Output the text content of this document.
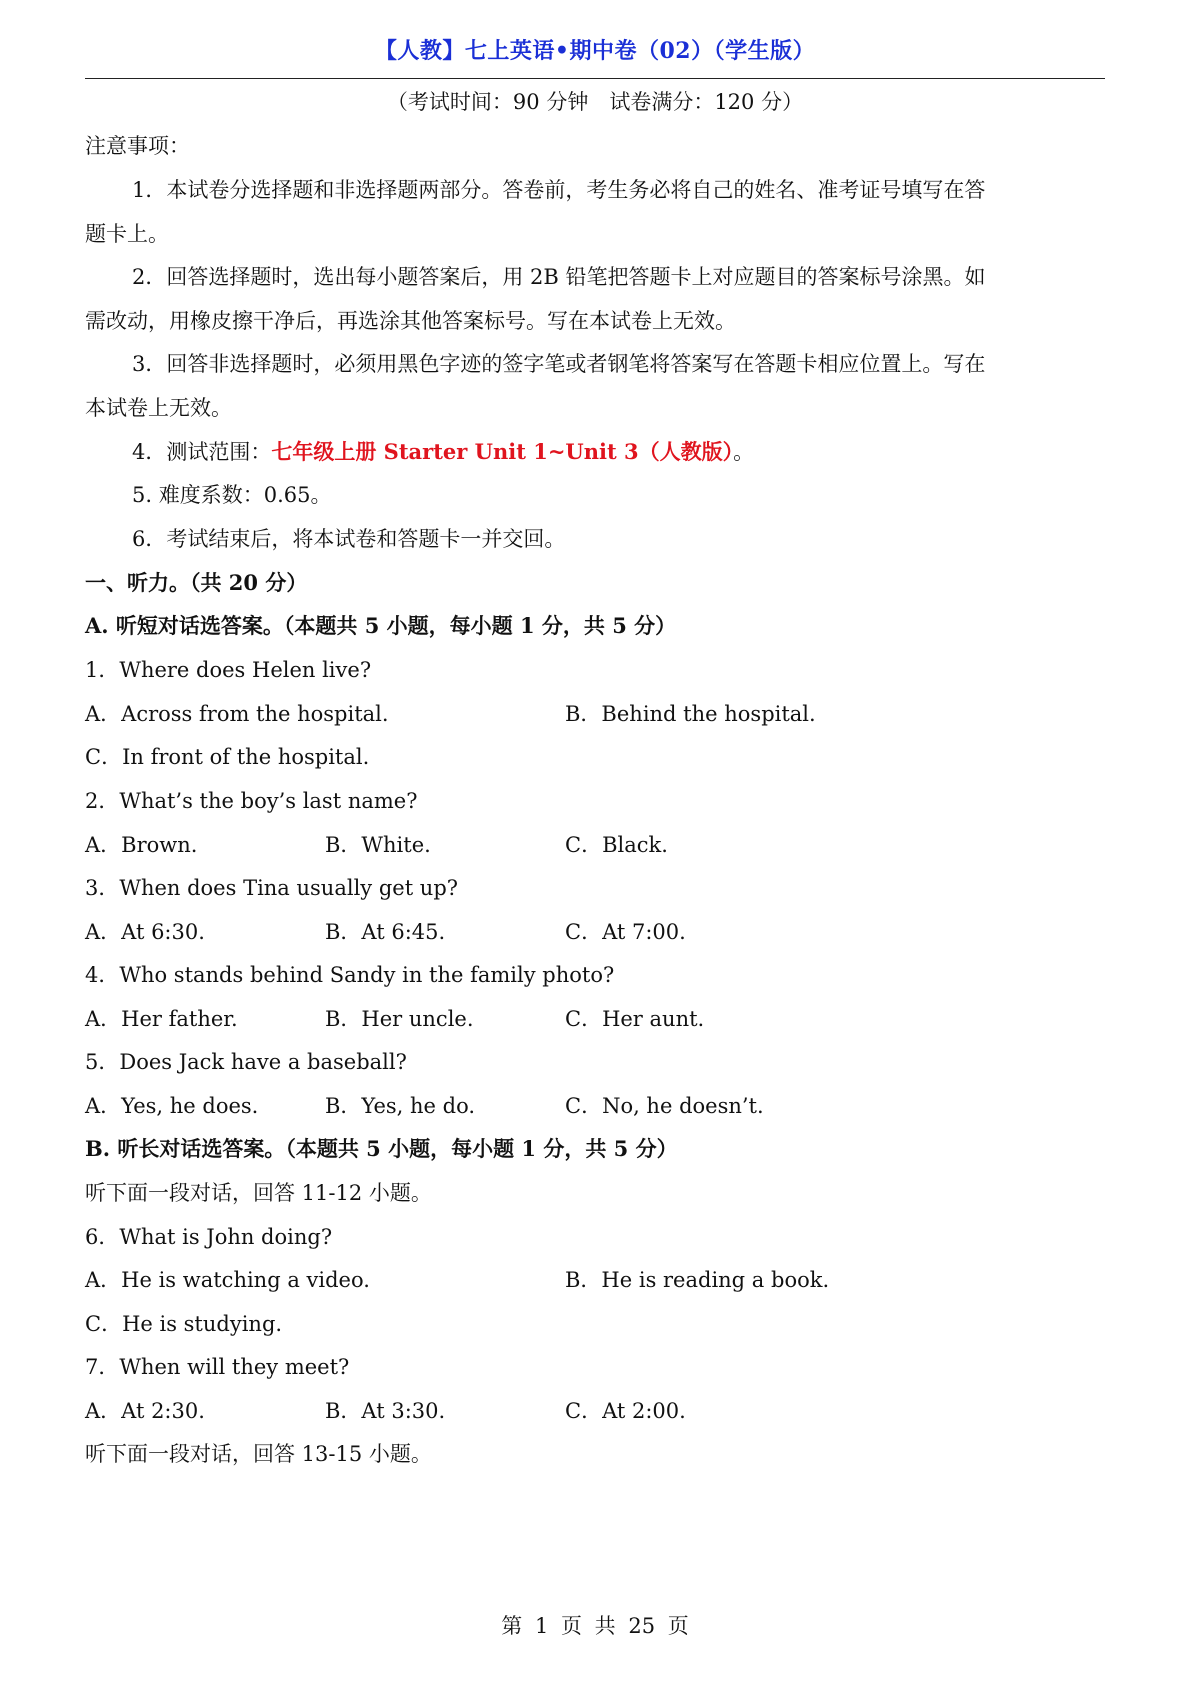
【人教】七上英语•期中卷（02）（学生版）
（考试时间：90 分钟　试卷满分：120 分）
注意事项：
1．本试卷分选择题和非选择题两部分。答卷前，考生务必将自己的姓名、准考证号填写在答
题卡上。
2．回答选择题时，选出每小题答案后，用 2B 铅笔把答题卡上对应题目的答案标号涂黑。如
需改动，用橡皮擦干净后，再选涂其他答案标号。写在本试卷上无效。
3．回答非选择题时，必须用黑色字迹的签字笔或者钢笔将答案写在答题卡相应位置上。写在
本试卷上无效。
4．测试范围：七年级上册 Starter Unit 1~Unit 3（人教版）。
5. 难度系数：0.65。
6．考试结束后，将本试卷和答题卡一并交回。
一、听力。（共 20 分）
A. 听短对话选答案。（本题共 5 小题，每小题 1 分，共 5 分）
1．Where does Helen live?
A．Across from the hospital.	B．Behind the hospital.
C．In front of the hospital.
2．What’s the boy’s last name?
A．Brown.	B．White.	C．Black.
3．When does Tina usually get up?
A．At 6:30.	B．At 6:45.	C．At 7:00.
4．Who stands behind Sandy in the family photo?
A．Her father.	B．Her uncle.	C．Her aunt.
5．Does Jack have a baseball?
A．Yes, he does.	B．Yes, he do.	C．No, he doesn’t.
B. 听长对话选答案。（本题共 5 小题，每小题 1 分，共 5 分）
听下面一段对话，回答 11-12 小题。
6．What is John doing?
A．He is watching a video.	B．He is reading a book.
C．He is studying.
7．When will they meet?
A．At 2:30.	B．At 3:30.	C．At 2:00.
听下面一段对话，回答 13-15 小题。
第 1 页 共 25 页
